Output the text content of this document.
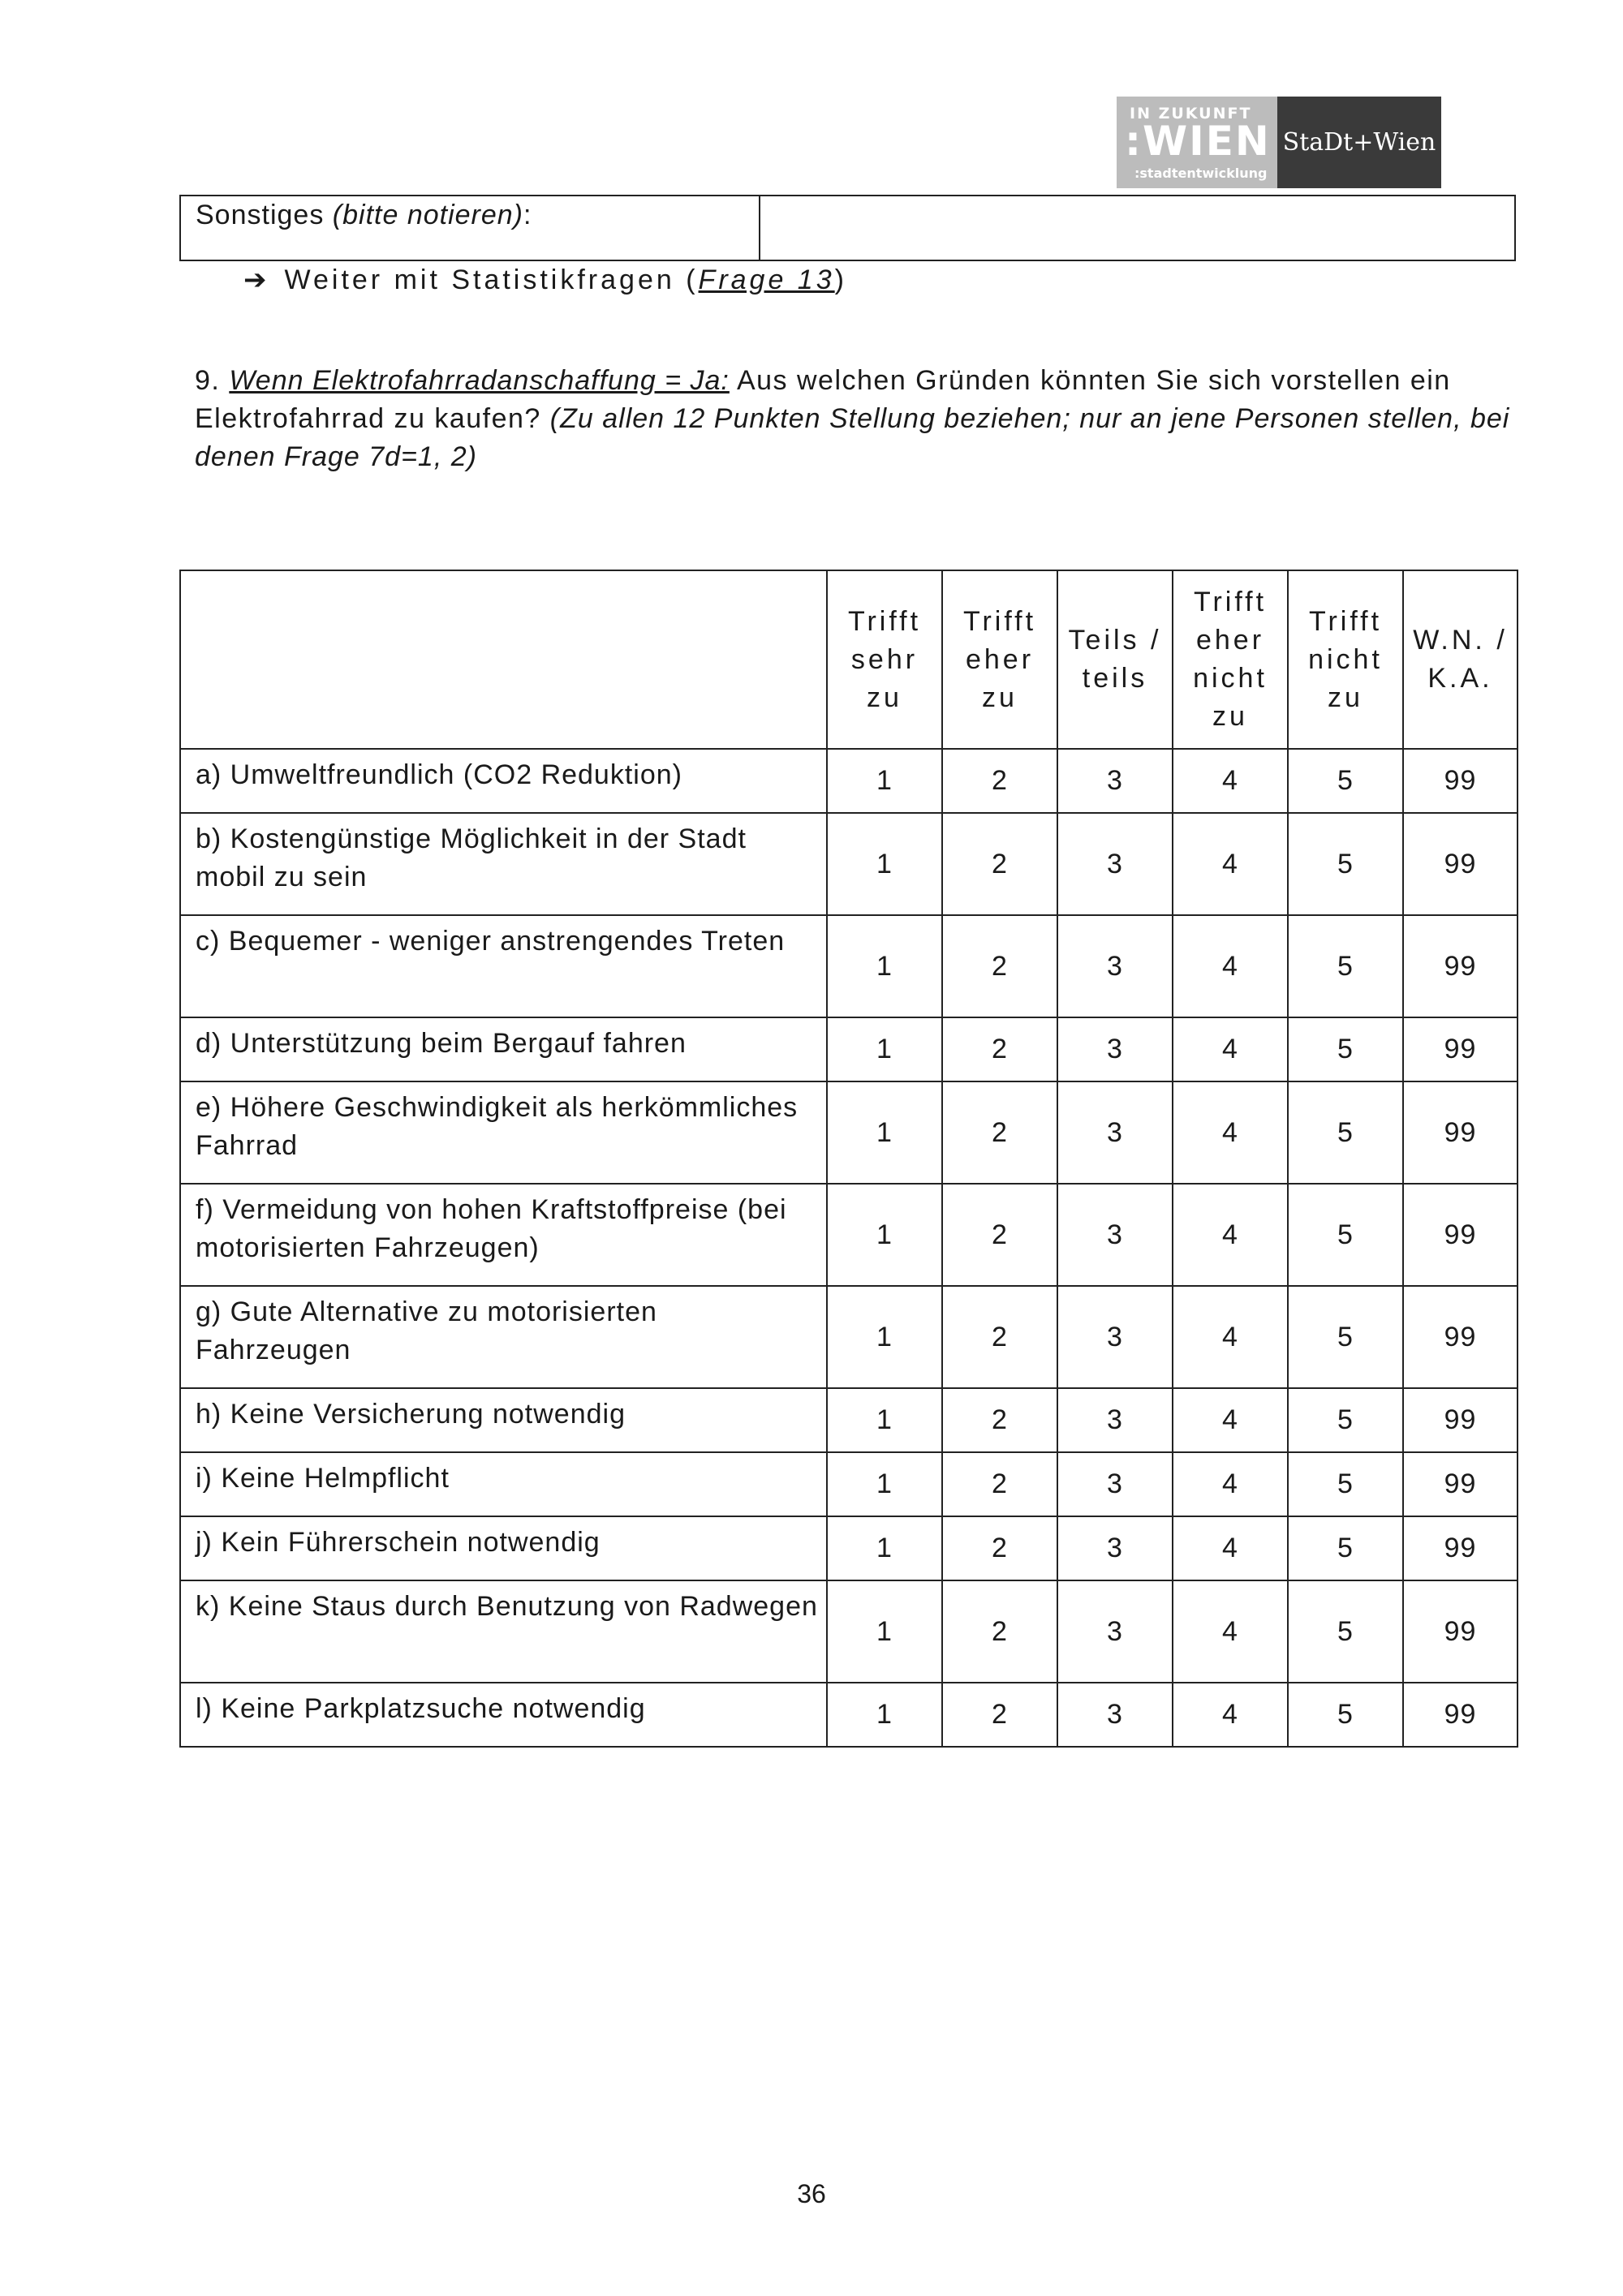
IN ZUKUNFT
:WIEN
:stadtentwicklung
StaDt+Wien
Sonstiges (bitte notieren):
➔ Weiter mit Statistikfragen (Frage 13)
9. Wenn Elektrofahrradanschaffung = Ja: Aus welchen Gründen könnten Sie sich vorstellen ein Elektrofahrrad zu kaufen? (Zu allen 12 Punkten Stellung beziehen; nur an jene Personen stellen, bei denen Frage 7d=1, 2)
	Trifft sehr zu	Trifft eher zu	Teils / teils	Trifft eher nicht zu	Trifft nicht zu	W.N. / K.A.
a) Umweltfreundlich (CO2 Reduktion)	1	2	3	4	5	99
b) Kostengünstige Möglichkeit in der Stadt mobil zu sein	1	2	3	4	5	99
c) Bequemer - weniger anstrengendes Treten	1	2	3	4	5	99
d) Unterstützung beim Bergauf fahren	1	2	3	4	5	99
e) Höhere Geschwindigkeit als herkömmliches Fahrrad	1	2	3	4	5	99
f) Vermeidung von hohen Kraftstoffpreise (bei motorisierten Fahrzeugen)	1	2	3	4	5	99
g) Gute Alternative zu motorisierten Fahrzeugen	1	2	3	4	5	99
h) Keine Versicherung notwendig	1	2	3	4	5	99
i) Keine Helmpflicht	1	2	3	4	5	99
j) Kein Führerschein notwendig	1	2	3	4	5	99
k) Keine Staus durch Benutzung von Radwegen	1	2	3	4	5	99
l) Keine Parkplatzsuche notwendig	1	2	3	4	5	99
36
